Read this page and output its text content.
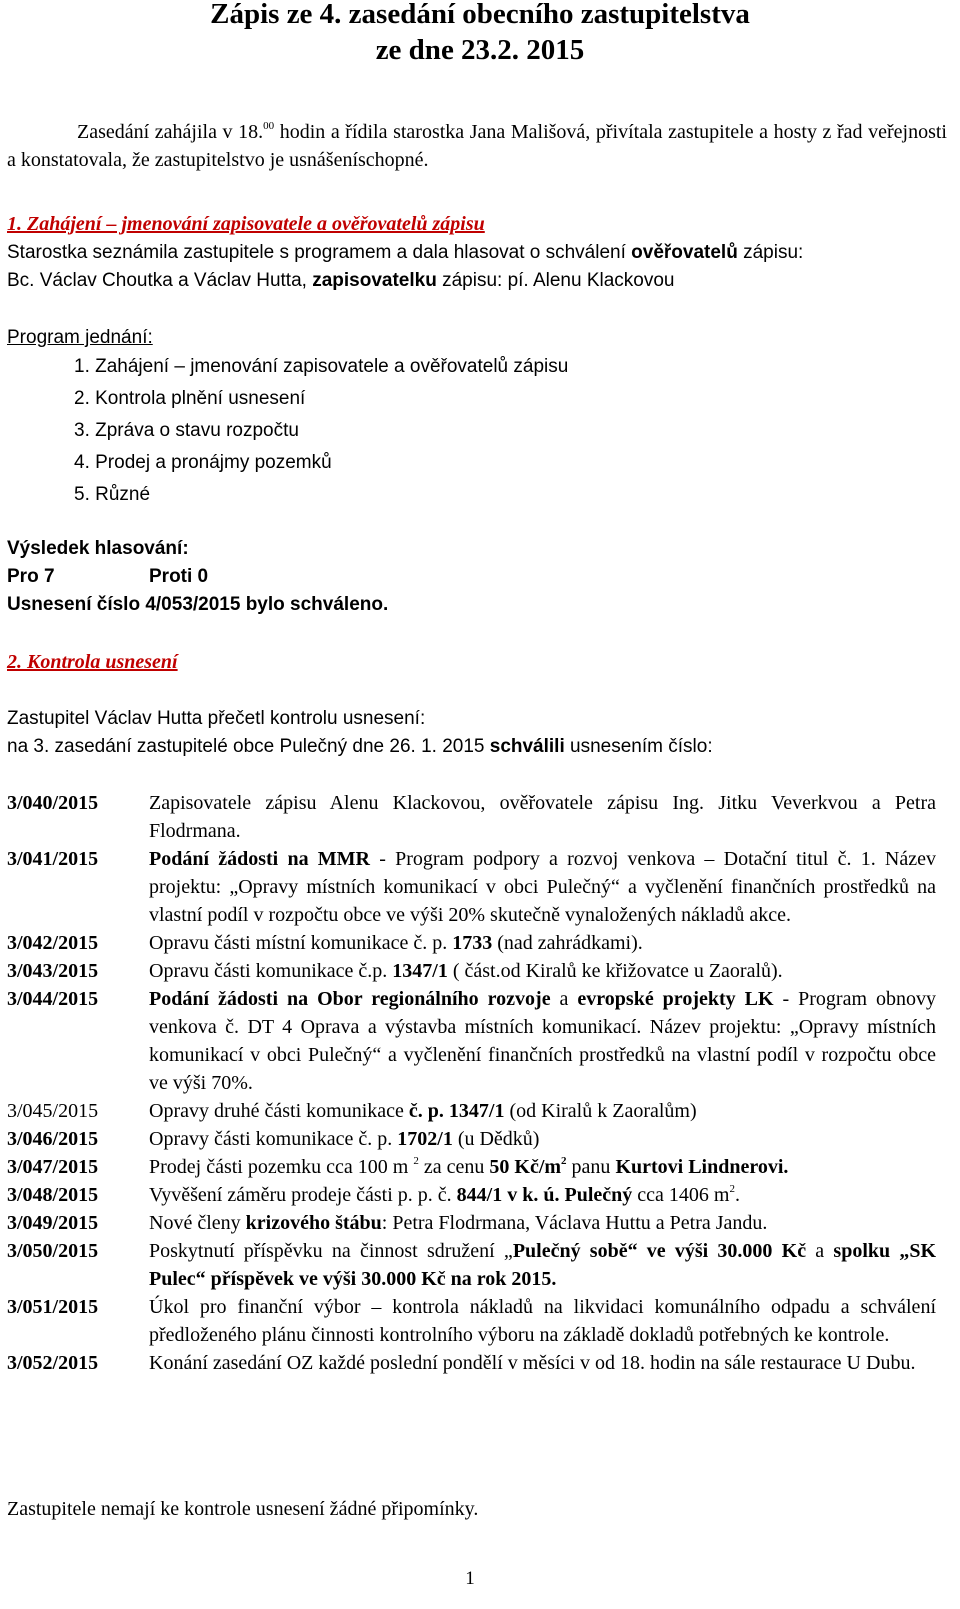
Zápis ze 4. zasedání obecního zastupitelstva
ze dne 23.2. 2015
Zasedání zahájila v 18.00 hodin a řídila starostka Jana Mališová, přivítala zastupitele a hosty z řad veřejnosti a konstatovala, že zastupitelstvo je usnášeníschopné.
1. Zahájení – jmenování zapisovatele a ověřovatelů zápisu
Starostka seznámila zastupitele s programem a dala hlasovat o schválení ověřovatelů zápisu:
Bc. Václav Choutka a Václav Hutta, zapisovatelku zápisu: pí. Alenu Klackovou
Program jednání:
1. Zahájení – jmenování zapisovatele a ověřovatelů zápisu
2. Kontrola plnění usnesení
3. Zpráva o stavu rozpočtu
4. Prodej a pronájmy pozemků
5. Různé
Výsledek hlasování:
Pro 7	Proti 0
Usnesení číslo 4/053/2015 bylo schváleno.
2. Kontrola usnesení
Zastupitel Václav Hutta přečetl kontrolu usnesení:
na 3. zasedání zastupitelé obce Pulečný dne 26. 1. 2015 schválili usnesením číslo:
3/040/2015	Zapisovatele zápisu Alenu Klackovou, ověřovatele zápisu Ing. Jitku Veverkvou a Petra Flodrmana.
3/041/2015	Podání žádosti na MMR - Program podpory a rozvoj venkova – Dotační titul č. 1. Název projektu: „Opravy místních komunikací v obci Pulečný“ a vyčlenění finančních prostředků na vlastní podíl v rozpočtu obce ve výši 20% skutečně vynaložených nákladů akce.
3/042/2015	Opravu části místní komunikace č. p. 1733 (nad zahrádkami).
3/043/2015	Opravu části komunikace č.p. 1347/1 ( část.od Kiralů ke křižovatce u Zaoralů).
3/044/2015	Podání žádosti na Obor regionálního rozvoje a evropské projekty LK - Program obnovy venkova č. DT 4 Oprava a výstavba místních komunikací. Název projektu: „Opravy místních komunikací v obci Pulečný“ a vyčlenění finančních prostředků na vlastní podíl v rozpočtu obce ve výši 70%.
3/045/2015	Opravy druhé části komunikace č. p. 1347/1 (od Kiralů k Zaoralům)
3/046/2015	Opravy části komunikace č. p. 1702/1 (u Dědků)
3/047/2015	Prodej části pozemku cca 100 m $^2$ za cenu 50 $Kč/m^2$ panu Kurtovi Lindnerovi.
3/048/2015	Vyvěšení záměru prodeje části p. p. č. 844/1 v k. ú. Pulečný cca 1406 $m^2$.
3/049/2015	Nové členy krizového štábu: Petra Flodrmana, Václava Huttu a Petra Jandu.
3/050/2015	Poskytnutí příspěvku na činnost sdružení „Pulečný sobě“ ve výši 30.000 Kč a spolku „SK Pulec“ příspěvek ve výši 30.000 Kč na rok 2015.
3/051/2015	Úkol pro finanční výbor – kontrola nákladů na likvidaci komunálního odpadu a schválení předloženého plánu činnosti kontrolního výboru na základě dokladů potřebných ke kontrole.
3/052/2015	Konání zasedání OZ každé poslední pondělí v měsíci v od 18. hodin na sále restaurace U Dubu.
Zastupitele nemají ke kontrole usnesení žádné připomínky.
1
